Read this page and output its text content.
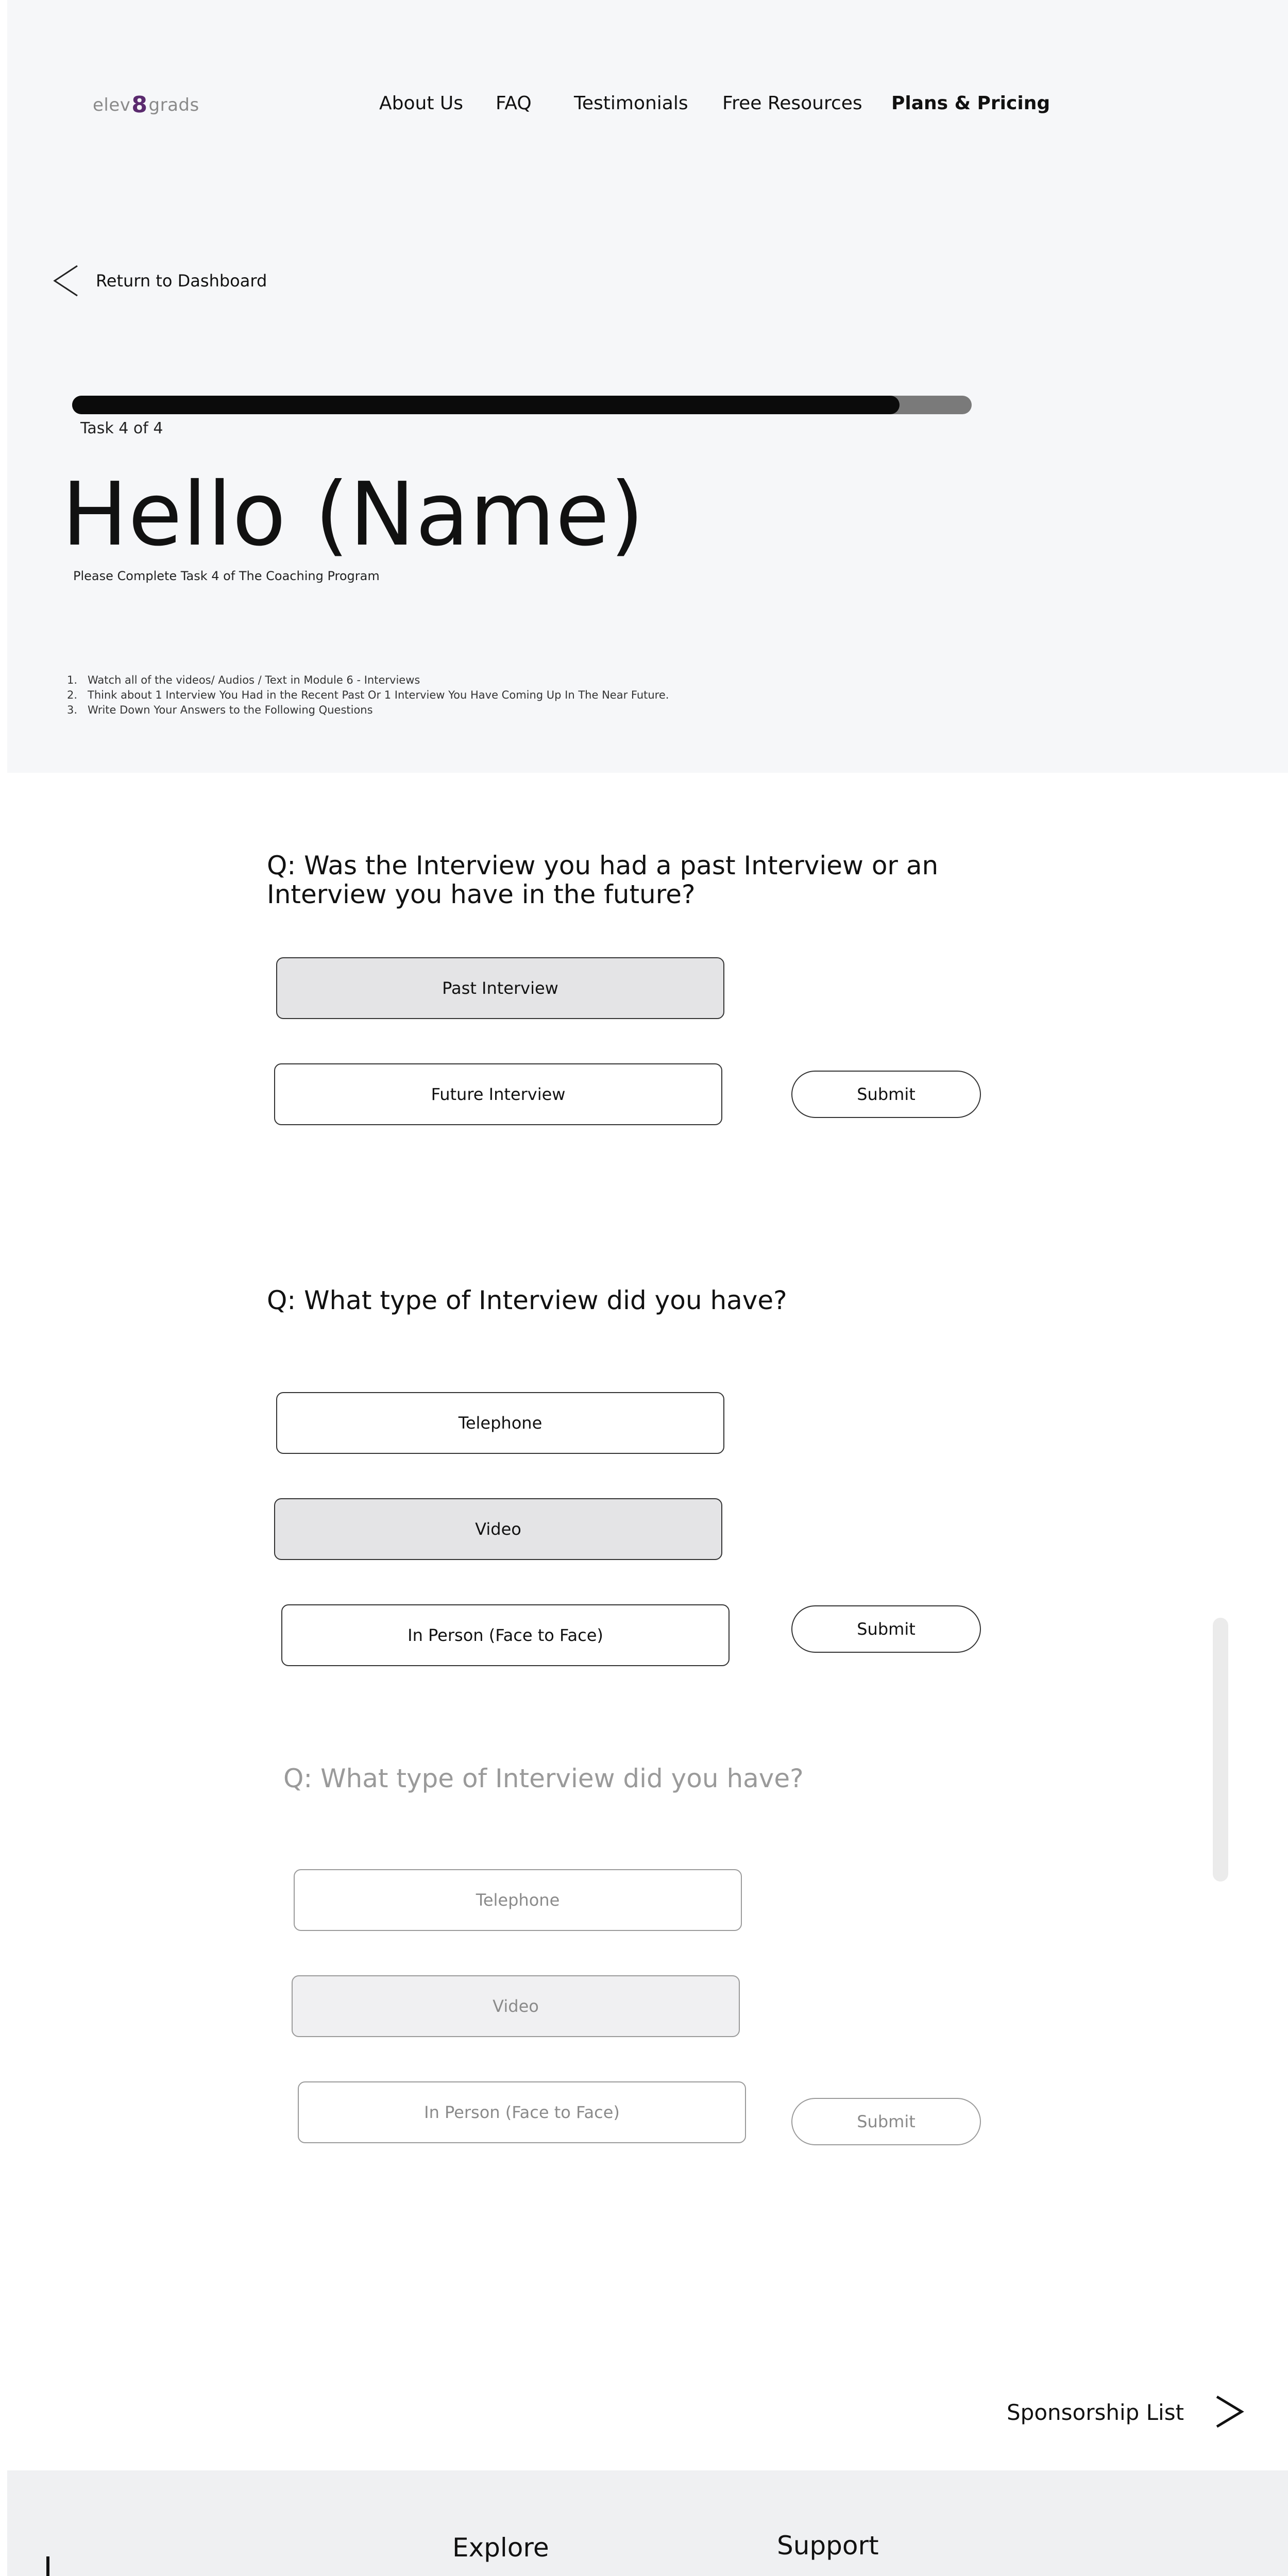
elev 8 grads	About Us FAQ Testimonials Free Resources Plans & Pricing
Return to Dashboard
Task 4 of 4
Hello (Name)
Please Complete Task 4 of The Coaching Program
1. Watch all of the videos/ Audios / Text in Module 6 - Interviews
2. Think about 1 Interview You Had in the Recent Past Or 1 Interview You Have Coming Up In The Near Future.
3. Write Down Your Answers to the Following Questions
Q: Was the Interview you had a past Interview or an Interview you have in the future?
Past Interview
Future Interview	Submit
Q: What type of Interview did you have?
Telephone
Video
In Person (Face to Face)	Submit
Q: What type of Interview did you have?
Telephone
Video
In Person (Face to Face)	Submit
Sponsorship List
Explore	Support
